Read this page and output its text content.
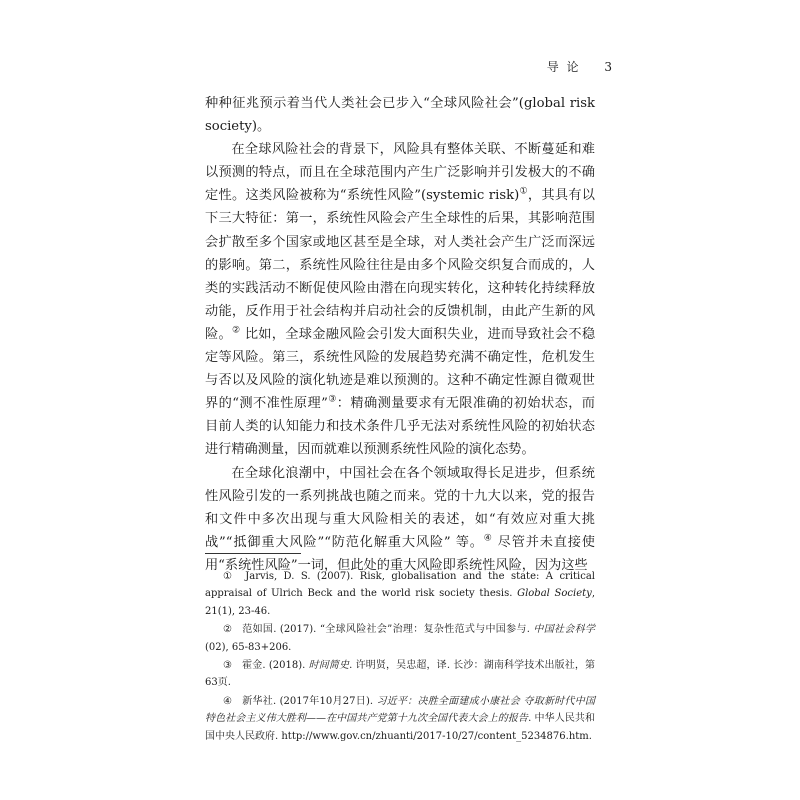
导 论 3

种种征兆预示着当代人类社会已步入“全球风险社会”(global risk society)。

在全球风险社会的背景下，风险具有整体关联、不断蔓延和难以预测的特点，而且在全球范围内产生广泛影响并引发极大的不确定性。这类风险被称为“系统性风险”(systemic risk)①，其具有以下三大特征：第一，系统性风险会产生全球性的后果，其影响范围会扩散至多个国家或地区甚至是全球，对人类社会产生广泛而深远的影响。第二，系统性风险往往是由多个风险交织复合而成的，人类的实践活动不断促使风险由潜在向现实转化，这种转化持续释放动能，反作用于社会结构并启动社会的反馈机制，由此产生新的风险。② 比如，全球金融风险会引发大面积失业，进而导致社会不稳定等风险。第三，系统性风险的发展趋势充满不确定性，危机发生与否以及风险的演化轨迹是难以预测的。这种不确定性源自微观世界的“测不准性原理”③：精确测量要求有无限准确的初始状态，而目前人类的认知能力和技术条件几乎无法对系统性风险的初始状态进行精确测量，因而就难以预测系统性风险的演化态势。

在全球化浪潮中，中国社会在各个领域取得长足进步，但系统性风险引发的一系列挑战也随之而来。党的十九大以来，党的报告和文件中多次出现与重大风险相关的表述，如“有效应对重大挑战”“抵御重大风险”“防范化解重大风险” 等。④ 尽管并未直接使用“系统性风险”一词，但此处的重大风险即系统性风险，因为这些

① Jarvis, D. S. (2007). Risk, globalisation and the state: A critical appraisal of Ulrich Beck and the world risk society thesis. Global Society, 21(1), 23-46.

② 范如国. (2017). “全球风险社会”治理：复杂性范式与中国参与. 中国社会科学(02), 65-83+206.

③ 霍金. (2018). 时间简史. 许明贤，吴忠超，译. 长沙：湖南科学技术出版社，第63页.

④ 新华社. (2017年10月27日). 习近平：决胜全面建成小康社会 夺取新时代中国特色社会主义伟大胜利——在中国共产党第十九次全国代表大会上的报告. 中华人民共和国中央人民政府. http://www.gov.cn/zhuanti/2017-10/27/content_5234876.htm.
